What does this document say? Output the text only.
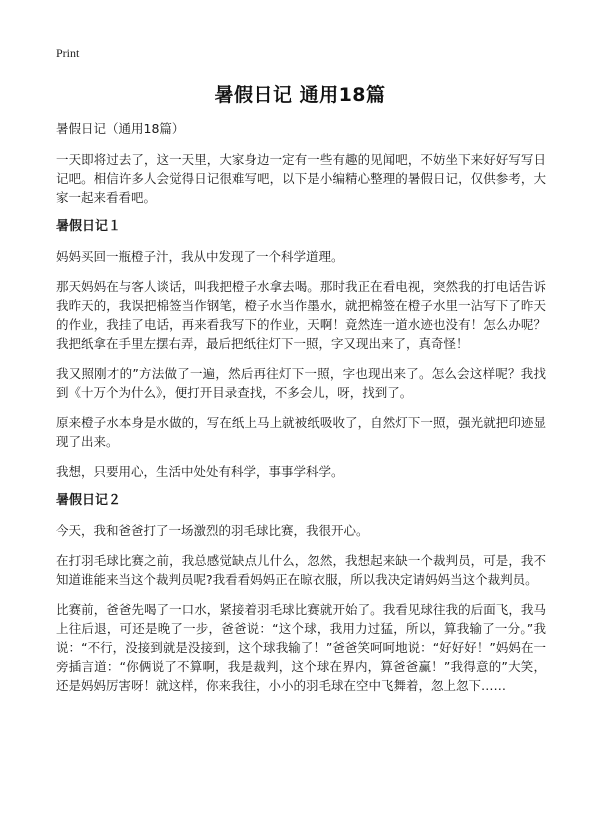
Print
暑假日记 通用18篇
暑假日记（通用18篇）

一天即将过去了，这一天里，大家身边一定有一些有趣的见闻吧，不妨坐下来好好写写日记吧。相信许多人会觉得日记很难写吧，以下是小编精心整理的暑假日记，仅供参考，大家一起来看看吧。

暑假日记１

妈妈买回一瓶橙子汁，我从中发现了一个科学道理。

那天妈妈在与客人谈话，叫我把橙子水拿去喝。那时我正在看电视，突然我的打电话告诉我昨天的，我误把棉签当作钢笔，橙子水当作墨水，就把棉签在橙子水里一沾写下了昨天的作业，我挂了电话，再来看我写下的作业，天啊！竟然连一道水迹也没有！怎么办呢？我把纸拿在手里左摆右弄，最后把纸往灯下一照，字又现出来了，真奇怪！

我又照刚才的”方法做了一遍，然后再往灯下一照，字也现出来了。怎么会这样呢？我找到《十万个为什么》，便打开目录查找，不多会儿，呀，找到了。

原来橙子水本身是水做的，写在纸上马上就被纸吸收了，自然灯下一照，强光就把印迹显现了出来。

我想，只要用心，生活中处处有科学，事事学科学。

暑假日记２

今天，我和爸爸打了一场激烈的羽毛球比赛，我很开心。

在打羽毛球比赛之前，我总感觉缺点儿什么，忽然，我想起来缺一个裁判员，可是，我不知道谁能来当这个裁判员呢?我看看妈妈正在晾衣服，所以我决定请妈妈当这个裁判员。

比赛前，爸爸先喝了一口水，紧接着羽毛球比赛就开始了。我看见球往我的后面飞，我马上往后退，可还是晚了一步，爸爸说：“这个球，我用力过猛，所以，算我输了一分。”我说：“不行，没接到就是没接到，这个球我输了！”爸爸笑呵呵地说：“好好好！”妈妈在一旁插言道：“你俩说了不算啊，我是裁判，这个球在界内，算爸爸赢！”我得意的”大笑，还是妈妈厉害呀！就这样，你来我往，小小的羽毛球在空中飞舞着，忽上忽下……
